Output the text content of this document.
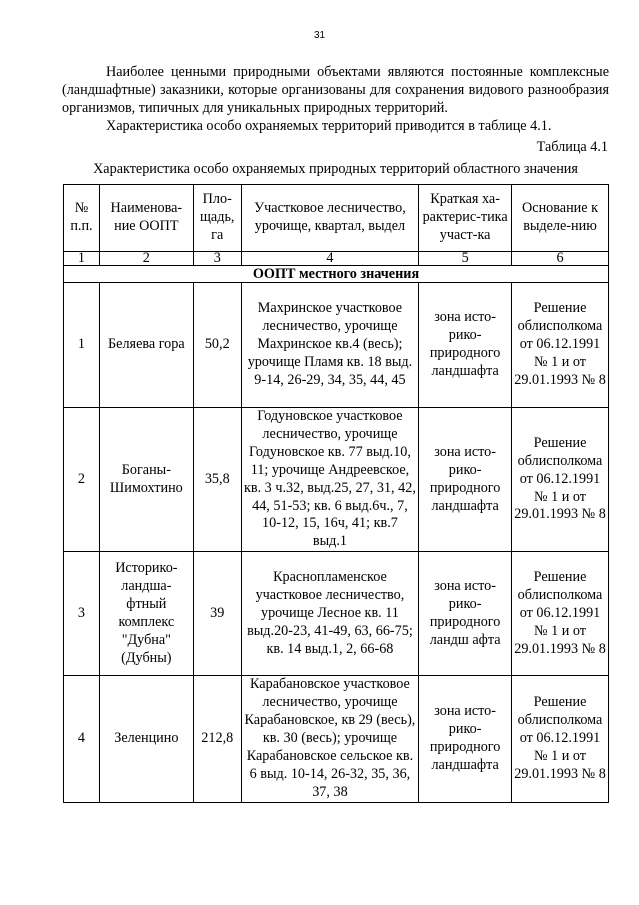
31

Наиболее ценными природными объектами являются постоянные комплексные (ландшафтные) заказники, которые организованы для сохранения видового разнообразия организмов, типичных для уникальных природных территорий.

Характеристика особо охраняемых территорий приводится в таблице 4.1.

Таблица 4.1
Характеристика особо охраняемых природных территорий областного значения
№ п.п.	Наименова-ние ООПТ	Пло-щадь, га	Участковое лесничество, урочище, квартал, выдел	Краткая ха-рактерис-тика участ-ка	Основание к выделе-нию
1	2	3	4	5	6
ООПТ местного значения					
1	Беляева гора	50,2	Махринское участковое лесничество, урочище Махринское кв.4 (весь); урочище Пламя кв. 18 выд. 9-14, 26-29, 34, 35, 44, 45	зона исто-рико-природного ландшафта	Решение облисполкома от 06.12.1991 № 1 и от 29.01.1993 № 8
2	Боганы-Шимохтино	35,8	Годуновское участковое лесничество, урочище Годуновское кв. 77 выд.10, 11; урочище Андреевское, кв. 3 ч.32, выд.25, 27, 31, 42, 44, 51-53; кв. 6 выд.6ч., 7, 10-12, 15, 16ч, 41; кв.7 выд.1	зона исто-рико-природного ландшафта	Решение облисполкома от 06.12.1991 № 1 и от 29.01.1993 № 8
3	Историко-ландша-фтный комплекс "Дубна" (Дубны)	39	Краснопламенское участковое лесничество, урочище Лесное кв. 11 выд.20-23, 41-49, 63, 66-75; кв. 14 выд.1, 2, 66-68	зона исто-рико-природного ландш афта	Решение облисполкома от 06.12.1991 № 1 и от 29.01.1993 № 8
4	Зеленцино	212,8	Карабановское участковое лесничество, урочище Карабановское, кв 29 (весь), кв. 30 (весь); урочище Карабановское сельское кв. 6 выд. 10-14, 26-32, 35, 36, 37, 38	зона исто-рико-природного ландшафта	Решение облисполкома от 06.12.1991 № 1 и от 29.01.1993 № 8
